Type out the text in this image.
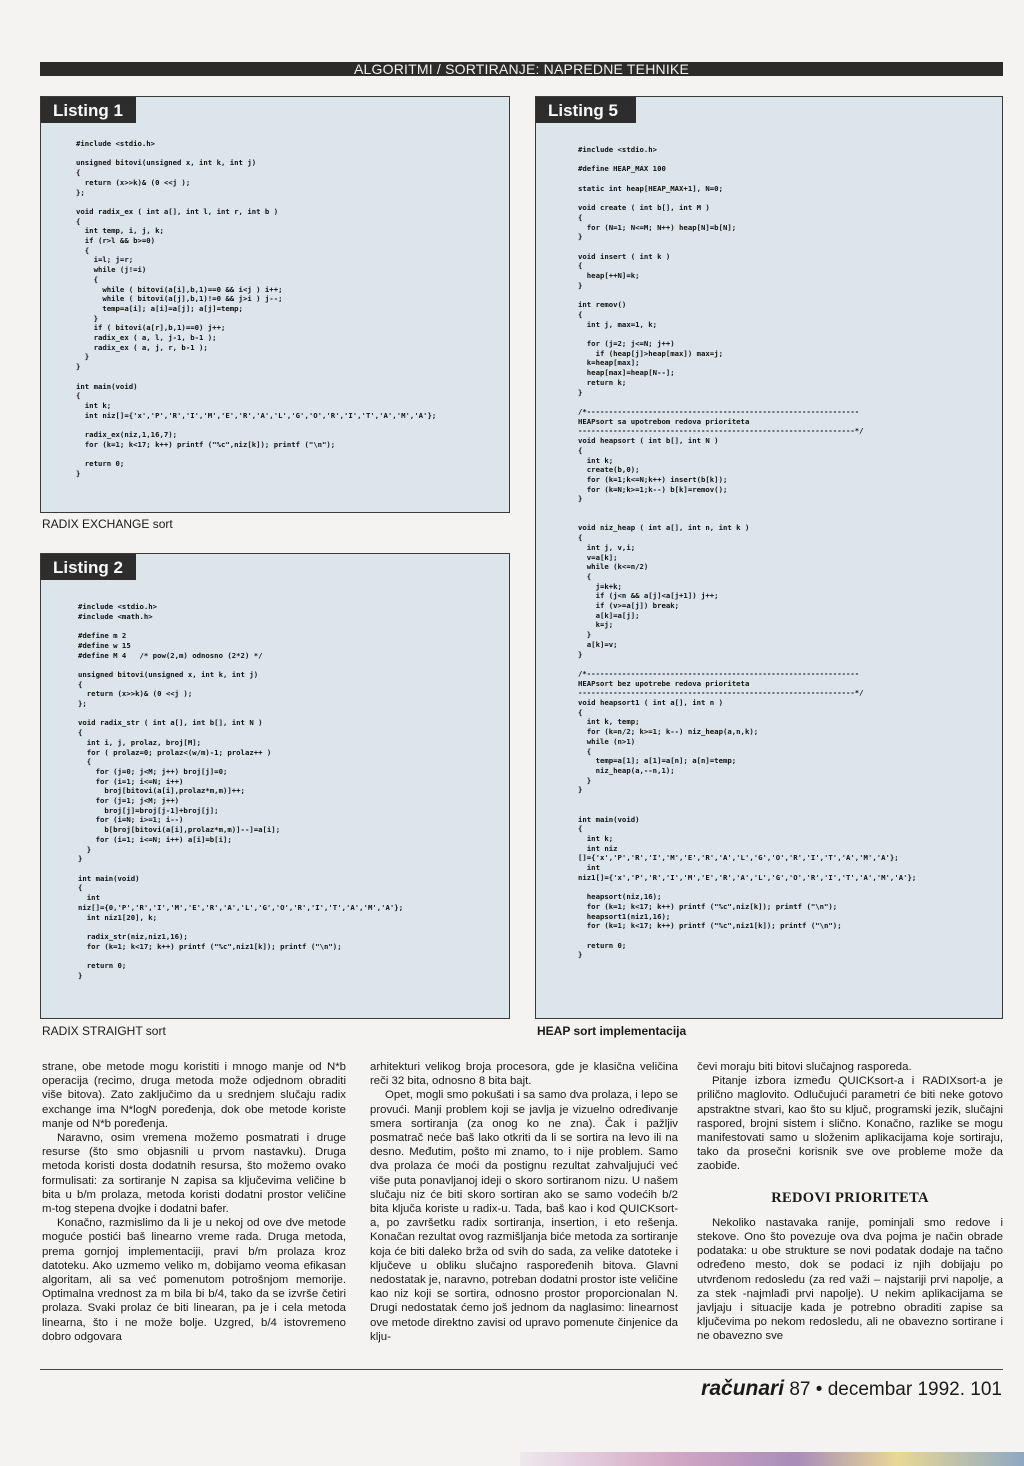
ALGORITMI / SORTIRANJE: NAPREDNE TEHNIKE
Listing 1
#include <stdio.h>

unsigned bitovi(unsigned x, int k, int j)
{
return (x>>k)& (0 <<j );
};

void radix_ex ( int a[], int l, int r, int b )
{
int temp, i, j, k;
if (r>l && b>=0)
{
i=l; j=r;
while (j!=i)
{
while ( bitovi(a[i],b,1)==0 && i<j ) i++;
while ( bitovi(a[j],b,1)!=0 && j>i ) j--;
temp=a[i]; a[i]=a[j]; a[j]=temp;
}
if ( bitovi(a[r],b,1)==0) j++;
radix_ex ( a, l, j-1, b-1 );
radix_ex ( a, j, r, b-1 );
}
}

int main(void)
{
int k;
int niz[]={'x','P','R','I','M','E','R','A','L','G','O','R','I','T','A','M','A'};

radix_ex(niz,1,16,7);
for (k=1; k<17; k++) printf ("%c",niz[k]); printf ("\n");

return 0;
}
RADIX EXCHANGE sort
Listing 2
#include <stdio.h>
#include <math.h>

#define m 2
#define w 15
#define M 4   /* pow(2,m) odnosno (2*2) */

unsigned bitovi(unsigned x, int k, int j)
{
return (x>>k)& (0 <<j );
};

void radix_str ( int a[], int b[], int N )
{
int i, j, prolaz, broj[M];
for ( prolaz=0; prolaz<(w/m)-1; prolaz++ )
{
for (j=0; j<M; j++) broj[j]=0;
for (i=1; i<=N; i++)
broj[bitovi(a[i],prolaz*m,m)]++;
for (j=1; j<M; j++)
broj[j]=broj[j-1]+broj[j];
for (i=N; i>=1; i--)
b[broj[bitovi(a[i],prolaz*m,m)]--]=a[i];
for (i=1; i<=N; i++) a[i]=b[i];
}
}

int main(void)
{
int
niz[]={0,'P','R','I','M','E','R','A','L','G','O','R','I','T','A','M','A'};
int niz1[20], k;

radix_str(niz,niz1,16);
for (k=1; k<17; k++) printf ("%c",niz1[k]); printf ("\n");

return 0;
}
RADIX STRAIGHT sort
Listing 5
#include <stdio.h>

#define HEAP_MAX 100

static int heap[HEAP_MAX+1], N=0;

void create ( int b[], int M )
{
for (N=1; N<=M; N++) heap[N]=b[N];
}

void insert ( int k )
{
heap[++N]=k;
}

int remov()
{
int j, max=1, k;

for (j=2; j<=N; j++)
if (heap[j]>heap[max]) max=j;
k=heap[max];
heap[max]=heap[N--];
return k;
}

/*--------------------------------------------------------------
HEAPsort sa upotrebom redova prioriteta
---------------------------------------------------------------*/
void heapsort ( int b[], int N )
{
int k;
create(b,0);
for (k=1;k<=N;k++) insert(b[k]);
for (k=N;k>=1;k--) b[k]=remov();
}

void niz_heap ( int a[], int n, int k )
{
int j, v,i;
v=a[k];
while (k<=n/2)
{
j=k+k;
if (j<n && a[j]<a[j+1]) j++;
if (v>=a[j]) break;
a[k]=a[j];
k=j;
}
a[k]=v;
}

/*--------------------------------------------------------------
HEAPsort bez upotrebe redova prioriteta
---------------------------------------------------------------*/
void heapsort1 ( int a[], int n )
{
int k, temp;
for (k=n/2; k>=1; k--) niz_heap(a,n,k);
while (n>1)
{
temp=a[1]; a[1]=a[n]; a[n]=temp;
niz_heap(a,--n,1);
}
}

int main(void)
{
int k;
int niz
[]={'x','P','R','I','M','E','R','A','L','G','O','R','I','T','A','M','A'};
int
niz1[]={'x','P','R','I','M','E','R','A','L','G','O','R','I','T','A','M','A'};

heapsort(niz,16);
for (k=1; k<17; k++) printf ("%c",niz[k]); printf ("\n");
heapsort1(niz1,16);
for (k=1; k<17; k++) printf ("%c",niz1[k]); printf ("\n");

return 0;
}
HEAP sort implementacija

strane, obe metode mogu koristiti i mnogo manje od N*b operacija (recimo, druga metoda može odjednom obraditi više bitova). Zato zaključimo da u srednjem slučaju radix exchange ima N*logN poređenja, dok obe metode koriste manje od N*b poređenja.

Naravno, osim vremena možemo posmatrati i druge resurse (što smo objasnili u prvom nastavku). Druga metoda koristi dosta dodatnih resursa, što možemo ovako formulisati: za sortiranje N zapisa sa ključevima veličine b bita u b/m prolaza, metoda koristi dodatni prostor veličine m-tog stepena dvojke i dodatni bafer.

Konačno, razmislimo da li je u nekoj od ove dve metode moguće postići baš linearno vreme rada. Druga metoda, prema gornjoj implementaciji, pravi b/m prolaza kroz datoteku. Ako uzmemo veliko m, dobijamo veoma efikasan algoritam, ali sa već pomenutom potrošnjom memorije. Optimalna vrednost za m bila bi b/4, tako da se izvrše četiri prolaza. Svaki prolaz će biti linearan, pa je i cela metoda linearna, što i ne može bolje. Uzgred, b/4 istovremeno dobro odgovara

arhitekturi velikog broja procesora, gde je klasična veličina reči 32 bita, odnosno 8 bita bajt.

Opet, mogli smo pokušati i sa samo dva prolaza, i lepo se provući. Manji problem koji se javlja je vizuelno određivanje smera sortiranja (za onog ko ne zna). Čak i pažljiv posmatrač neće baš lako otkriti da li se sortira na levo ili na desno. Međutim, pošto mi znamo, to i nije problem. Samo dva prolaza će moći da postignu rezultat zahvaljujući već više puta ponavljanoj ideji o skoro sortiranom nizu. U našem slučaju niz će biti skoro sortiran ako se samo vodećih b/2 bita ključa koriste u radix-u. Tada, baš kao i kod QUICKsort-a, po završetku radix sortiranja, insertion, i eto rešenja. Konačan rezultat ovog razmišljanja biće metoda za sortiranje koja će biti daleko brža od svih do sada, za velike datoteke i ključeve u obliku slučajno raspoređenih bitova. Glavni nedostatak je, naravno, potreban dodatni prostor iste veličine kao niz koji se sortira, odnosno prostor proporcionalan N. Drugi nedostatak ćemo još jednom da naglasimo: linearnost ove metode direktno zavisi od upravo pomenute činjenice da klju-

čevi moraju biti bitovi slučajnog rasporeda.

Pitanje izbora između QUICKsort-a i RADIXsort-a je prilično maglovito. Odlučujući parametri će biti neke gotovo apstraktne stvari, kao što su ključ, programski jezik, slučajni raspored, brojni sistem i slično. Konačno, razlike se mogu manifestovati samo u složenim aplikacijama koje sortiraju, tako da prosečni korisnik sve ove probleme može da zaobiđe.

REDOVI PRIORITETA

Nekoliko nastavaka ranije, pominjali smo redove i stekove. Ono što povezuje ova dva pojma je način obrade podataka: u obe strukture se novi podatak dodaje na tačno određeno mesto, dok se podaci iz njih dobijaju po utvrđenom redosledu (za red važi – najstariji prvi napolje, a za stek -najmlađi prvi napolje). U nekim aplikacijama se javljaju i situacije kada je potrebno obraditi zapise sa ključevima po nekom redosledu, ali ne obavezno sortirane i ne obavezno sve

računari 87 • decembar 1992. 101
